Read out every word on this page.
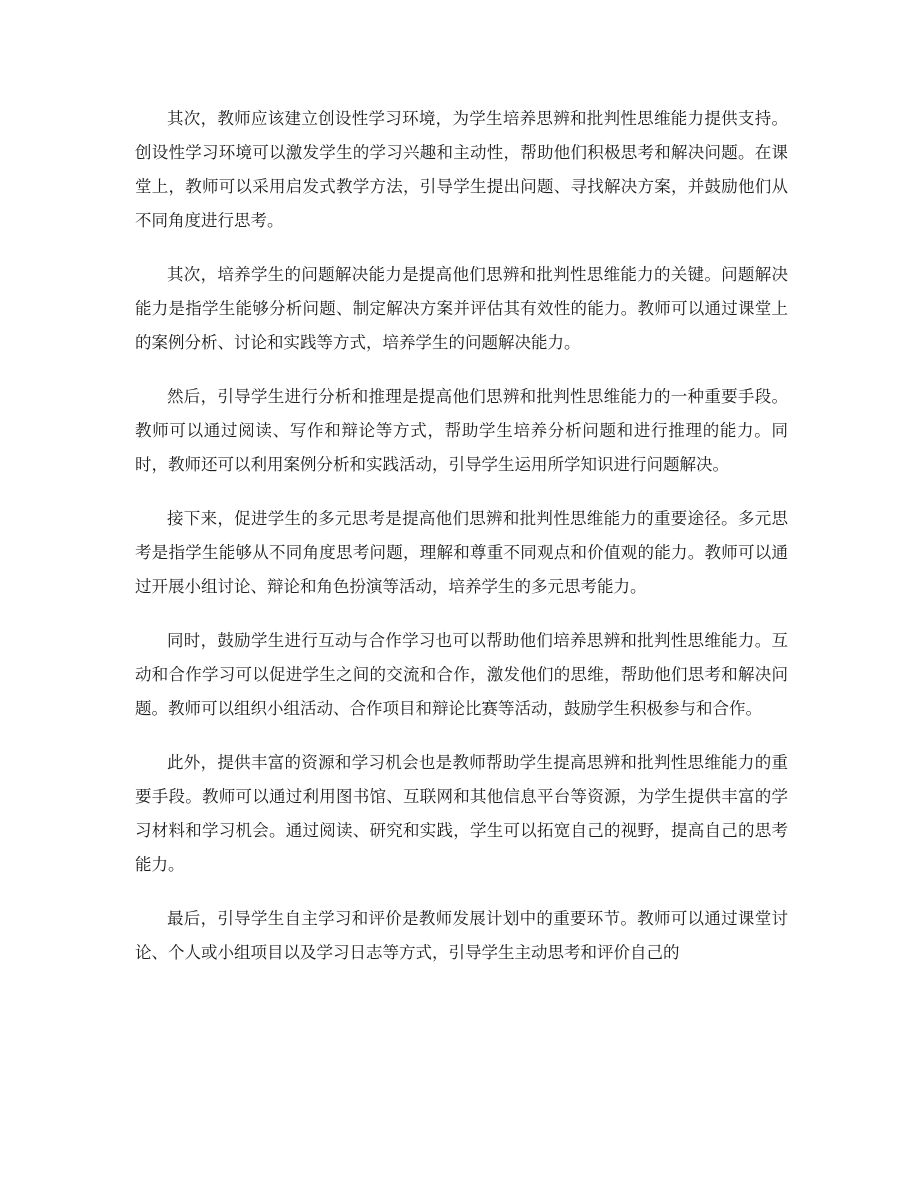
其次，教师应该建立创设性学习环境，为学生培养思辨和批判性思维能力提供支持。创设性学习环境可以激发学生的学习兴趣和主动性，帮助他们积极思考和解决问题。在课堂上，教师可以采用启发式教学方法，引导学生提出问题、寻找解决方案，并鼓励他们从不同角度进行思考。

其次，培养学生的问题解决能力是提高他们思辨和批判性思维能力的关键。问题解决能力是指学生能够分析问题、制定解决方案并评估其有效性的能力。教师可以通过课堂上的案例分析、讨论和实践等方式，培养学生的问题解决能力。

然后，引导学生进行分析和推理是提高他们思辨和批判性思维能力的一种重要手段。教师可以通过阅读、写作和辩论等方式，帮助学生培养分析问题和进行推理的能力。同时，教师还可以利用案例分析和实践活动，引导学生运用所学知识进行问题解决。

接下来，促进学生的多元思考是提高他们思辨和批判性思维能力的重要途径。多元思考是指学生能够从不同角度思考问题，理解和尊重不同观点和价值观的能力。教师可以通过开展小组讨论、辩论和角色扮演等活动，培养学生的多元思考能力。

同时，鼓励学生进行互动与合作学习也可以帮助他们培养思辨和批判性思维能力。互动和合作学习可以促进学生之间的交流和合作，激发他们的思维，帮助他们思考和解决问题。教师可以组织小组活动、合作项目和辩论比赛等活动，鼓励学生积极参与和合作。

此外，提供丰富的资源和学习机会也是教师帮助学生提高思辨和批判性思维能力的重要手段。教师可以通过利用图书馆、互联网和其他信息平台等资源，为学生提供丰富的学习材料和学习机会。通过阅读、研究和实践，学生可以拓宽自己的视野，提高自己的思考能力。

最后，引导学生自主学习和评价是教师发展计划中的重要环节。教师可以通过课堂讨论、个人或小组项目以及学习日志等方式，引导学生主动思考和评价自己的
